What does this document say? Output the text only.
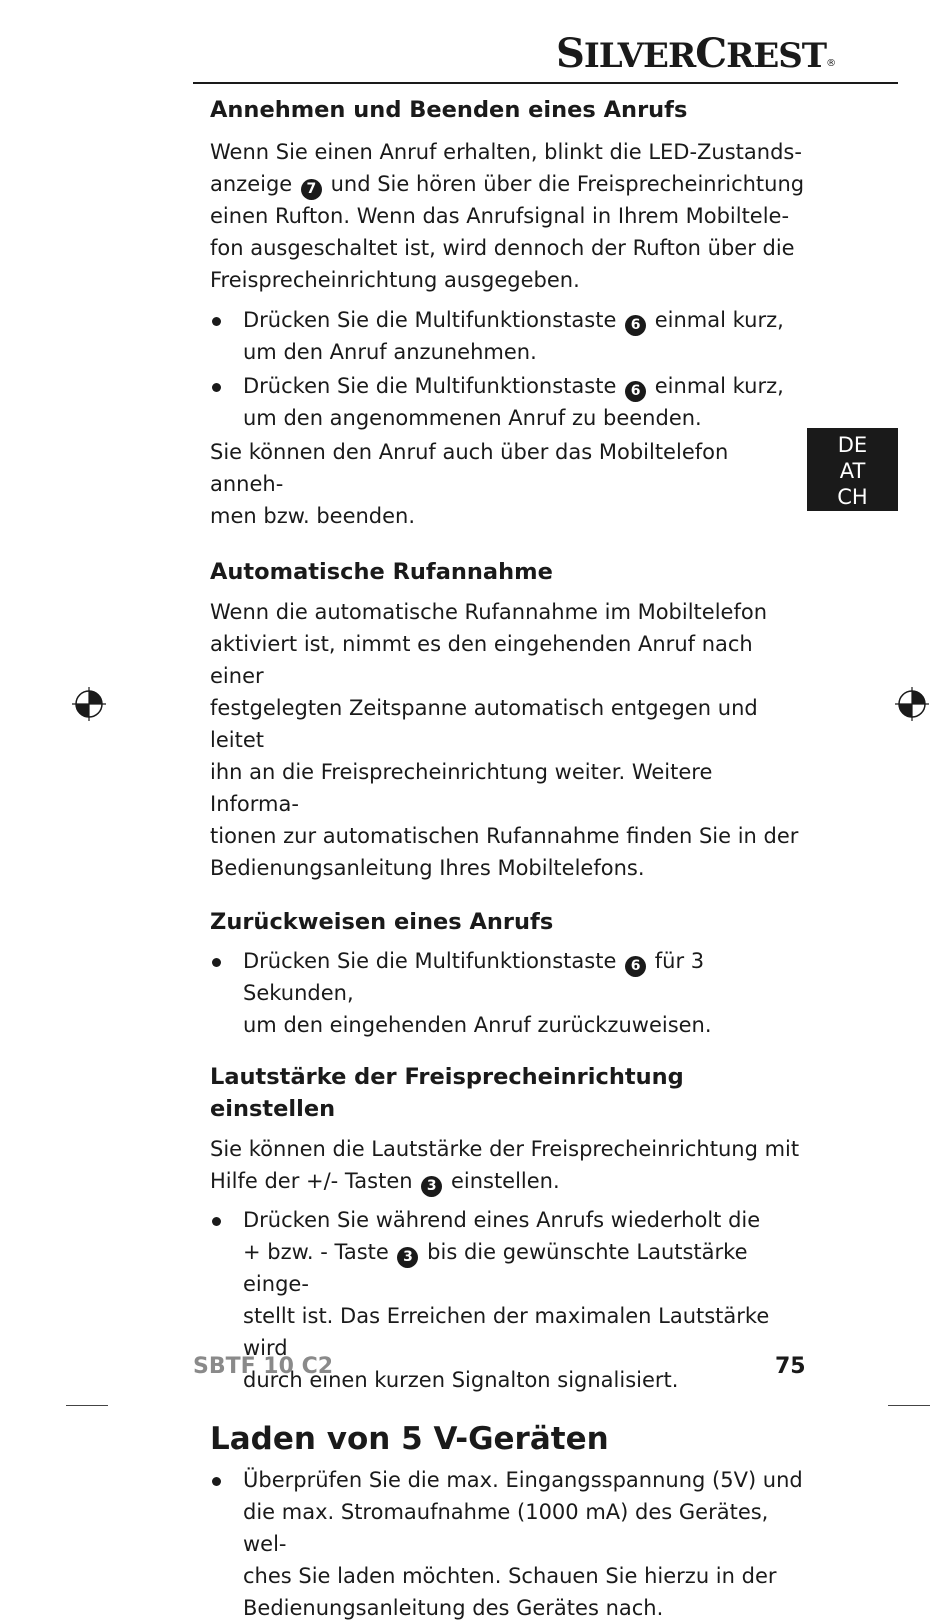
SILVERCREST®
Annehmen und Beenden eines Anrufs

Wenn Sie einen Anruf erhalten, blinkt die LED-Zustands-

anzeige 7 und Sie hören über die Freisprecheinrichtung

einen Rufton. Wenn das Anrufsignal in Ihrem Mobiltele-

fon ausgeschaltet ist, wird dennoch der Rufton über die

Freisprecheinrichtung ausgegeben.

Drücken Sie die Multifunktionstaste 6 einmal kurz,
um den Anruf anzunehmen.
Drücken Sie die Multifunktionstaste 6 einmal kurz,
um den angenommenen Anruf zu beenden.

Sie können den Anruf auch über das Mobiltelefon anneh-

men bzw. beenden.

Automatische Rufannahme

Wenn die automatische Rufannahme im Mobiltelefon

aktiviert ist, nimmt es den eingehenden Anruf nach einer

festgelegten Zeitspanne automatisch entgegen und leitet

ihn an die Freisprecheinrichtung weiter. Weitere Informa-

tionen zur automatischen Rufannahme finden Sie in der

Bedienungsanleitung Ihres Mobiltelefons.

Zurückweisen eines Anrufs
Drücken Sie die Multifunktionstaste 6 für 3 Sekunden,
um den eingehenden Anruf zurückzuweisen.
Lautstärke der Freisprecheinrichtung einstellen

Sie können die Lautstärke der Freisprecheinrichtung mit

Hilfe der +/- Tasten 3 einstellen.

Drücken Sie während eines Anrufs wiederholt die
+ bzw. - Taste 3 bis die gewünschte Lautstärke einge-
stellt ist. Das Erreichen der maximalen Lautstärke wird
durch einen kurzen Signalton signalisiert.
Laden von 5 V-Geräten
Überprüfen Sie die max. Eingangsspannung (5V) und
die max. Stromaufnahme (1000 mA) des Gerätes, wel-
ches Sie laden möchten. Schauen Sie hierzu in der
Bedienungsanleitung des Gerätes nach.
DE
AT
CH
SBTF 10 C2	75
